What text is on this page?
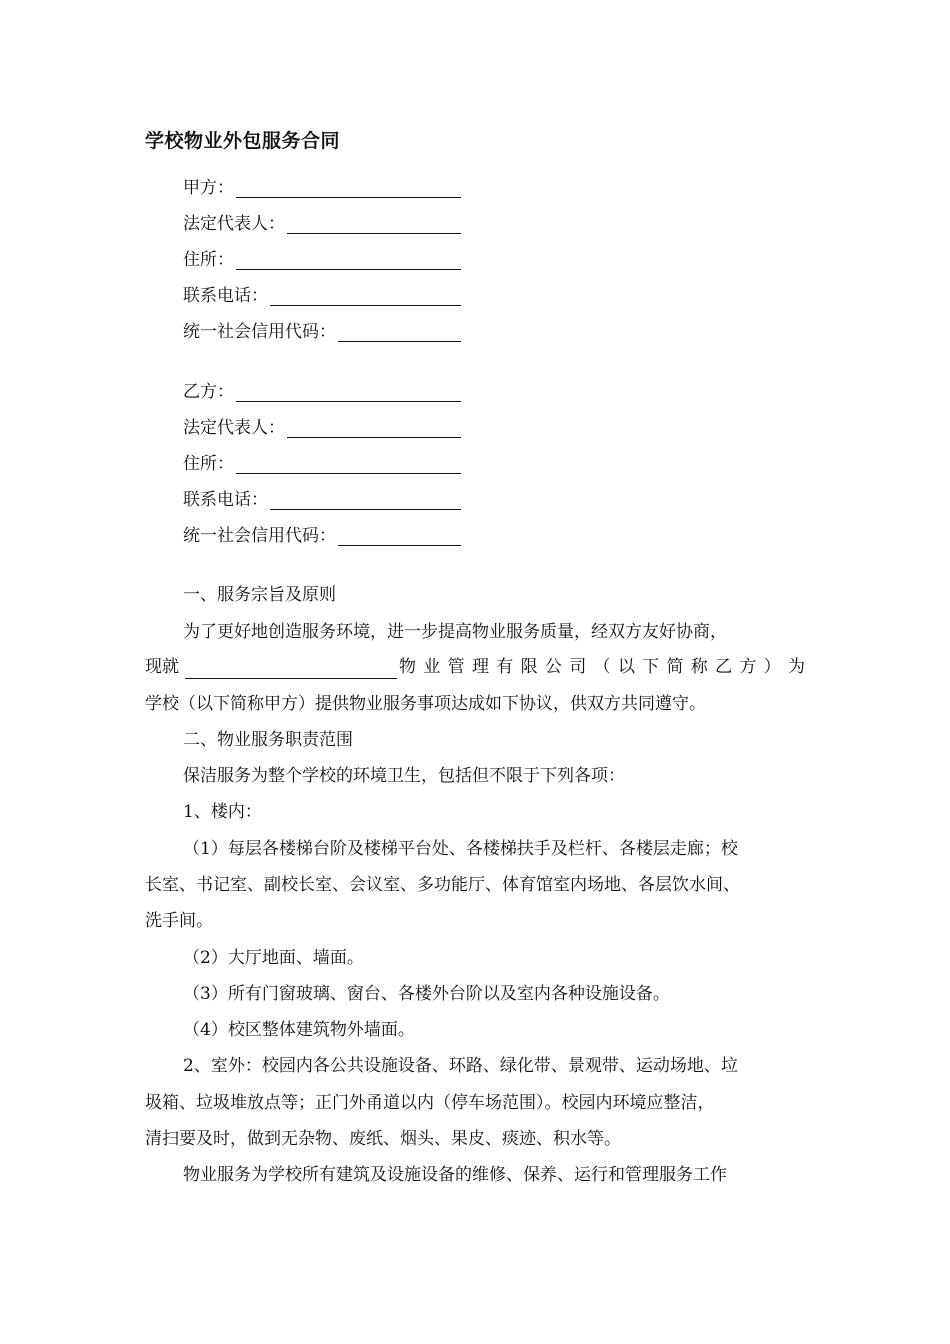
学校物业外包服务合同
甲方：
法定代表人：
住所：
联系电话：
统一社会信用代码：
乙方：
法定代表人：
住所：
联系电话：
统一社会信用代码：
一、服务宗旨及原则
为了更好地创造服务环境，进一步提高物业服务质量，经双方友好协商，
现就	物 业 管 理 有 限 公 司 （ 以 下 简 称 乙 方 ） 为
学校（以下简称甲方）提供物业服务事项达成如下协议，供双方共同遵守。
二、物业服务职责范围
保洁服务为整个学校的环境卫生，包括但不限于下列各项：
1、楼内：
（1）每层各楼梯台阶及楼梯平台处、各楼梯扶手及栏杆、各楼层走廊；校
长室、书记室、副校长室、会议室、多功能厅、体育馆室内场地、各层饮水间、
洗手间。
（2）大厅地面、墙面。
（3）所有门窗玻璃、窗台、各楼外台阶以及室内各种设施设备。
（4）校区整体建筑物外墙面。
2、室外：校园内各公共设施设备、环路、绿化带、景观带、运动场地、垃
圾箱、垃圾堆放点等；正门外甬道以内（停车场范围）。校园内环境应整洁，
清扫要及时，做到无杂物、废纸、烟头、果皮、痰迹、积水等。
物业服务为学校所有建筑及设施设备的维修、保养、运行和管理服务工作
